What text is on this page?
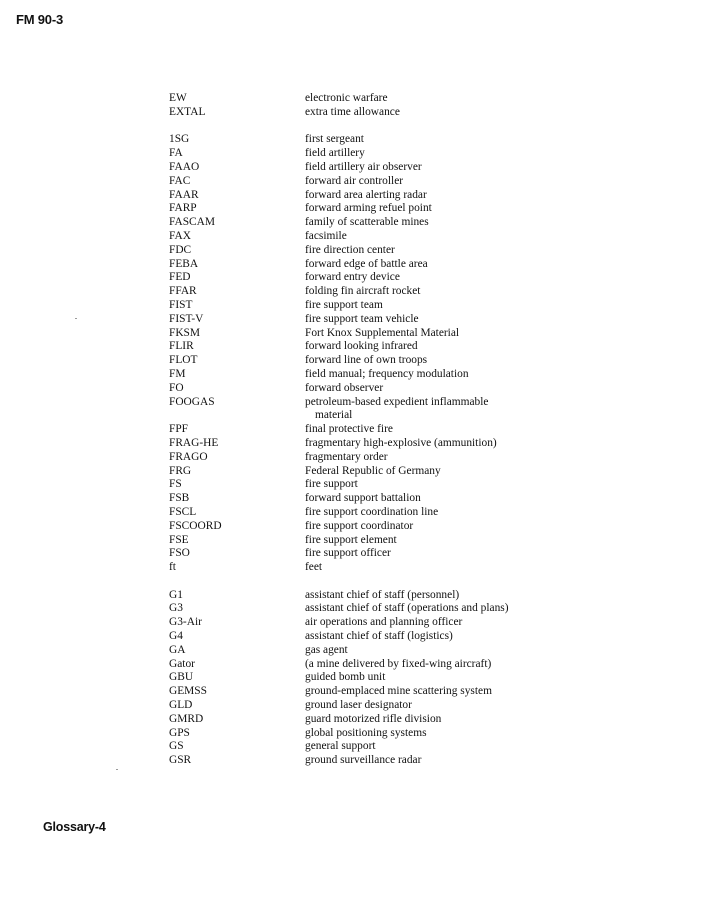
FM 90-3
EW	electronic warfare
EXTAL	extra time allowance
1SG	first sergeant
FA	field artillery
FAAO	field artillery air observer
FAC	forward air controller
FAAR	forward area alerting radar
FARP	forward arming refuel point
FASCAM	family of scatterable mines
FAX	facsimile
FDC	fire direction center
FEBA	forward edge of battle area
FED	forward entry device
FFAR	folding fin aircraft rocket
FIST	fire support team
FIST-V	fire support team vehicle
FKSM	Fort Knox Supplemental Material
FLIR	forward looking infrared
FLOT	forward line of own troops
FM	field manual; frequency modulation
FO	forward observer
FOOGAS	petroleum-based expedient inflammable material
FPF	final protective fire
FRAG-HE	fragmentary high-explosive (ammunition)
FRAGO	fragmentary order
FRG	Federal Republic of Germany
FS	fire support
FSB	forward support battalion
FSCL	fire support coordination line
FSCOORD	fire support coordinator
FSE	fire support element
FSO	fire support officer
ft	feet
G1	assistant chief of staff (personnel)
G3	assistant chief of staff (operations and plans)
G3-Air	air operations and planning officer
G4	assistant chief of staff (logistics)
GA	gas agent
Gator	(a mine delivered by fixed-wing aircraft)
GBU	guided bomb unit
GEMSS	ground-emplaced mine scattering system
GLD	ground laser designator
GMRD	guard motorized rifle division
GPS	global positioning systems
GS	general support
GSR	ground surveillance radar
Glossary-4
